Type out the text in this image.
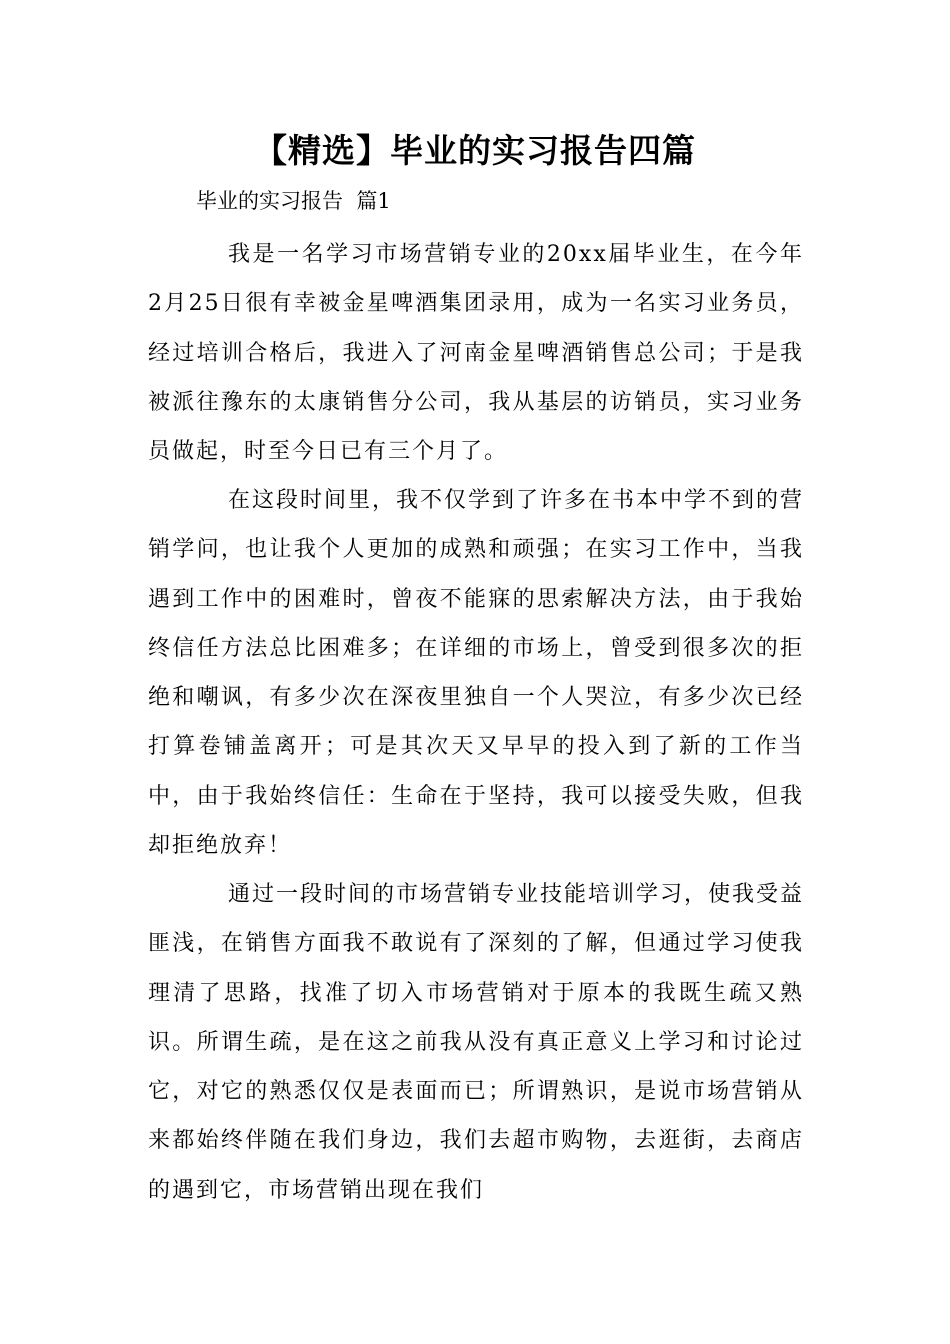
【精选】毕业的实习报告四篇

毕业的实习报告  篇1

我是一名学习市场营销专业的20xx届毕业生，在今年2月25日很有幸被金星啤酒集团录用，成为一名实习业务员，经过培训合格后，我进入了河南金星啤酒销售总公司；于是我被派往豫东的太康销售分公司，我从基层的访销员，实习业务员做起，时至今日已有三个月了。

在这段时间里，我不仅学到了许多在书本中学不到的营销学问，也让我个人更加的成熟和顽强；在实习工作中，当我遇到工作中的困难时，曾夜不能寐的思索解决方法，由于我始终信任方法总比困难多；在详细的市场上，曾受到很多次的拒绝和嘲讽，有多少次在深夜里独自一个人哭泣，有多少次已经打算卷铺盖离开；可是其次天又早早的投入到了新的工作当中，由于我始终信任：生命在于坚持，我可以接受失败，但我却拒绝放弃！

通过一段时间的市场营销专业技能培训学习，使我受益匪浅，在销售方面我不敢说有了深刻的了解，但通过学习使我理清了思路，找准了切入市场营销对于原本的我既生疏又熟识。所谓生疏，是在这之前我从没有真正意义上学习和讨论过它，对它的熟悉仅仅是表面而已；所谓熟识，是说市场营销从来都始终伴随在我们身边，我们去超市购物，去逛街，去商店的遇到它，市场营销出现在我们
